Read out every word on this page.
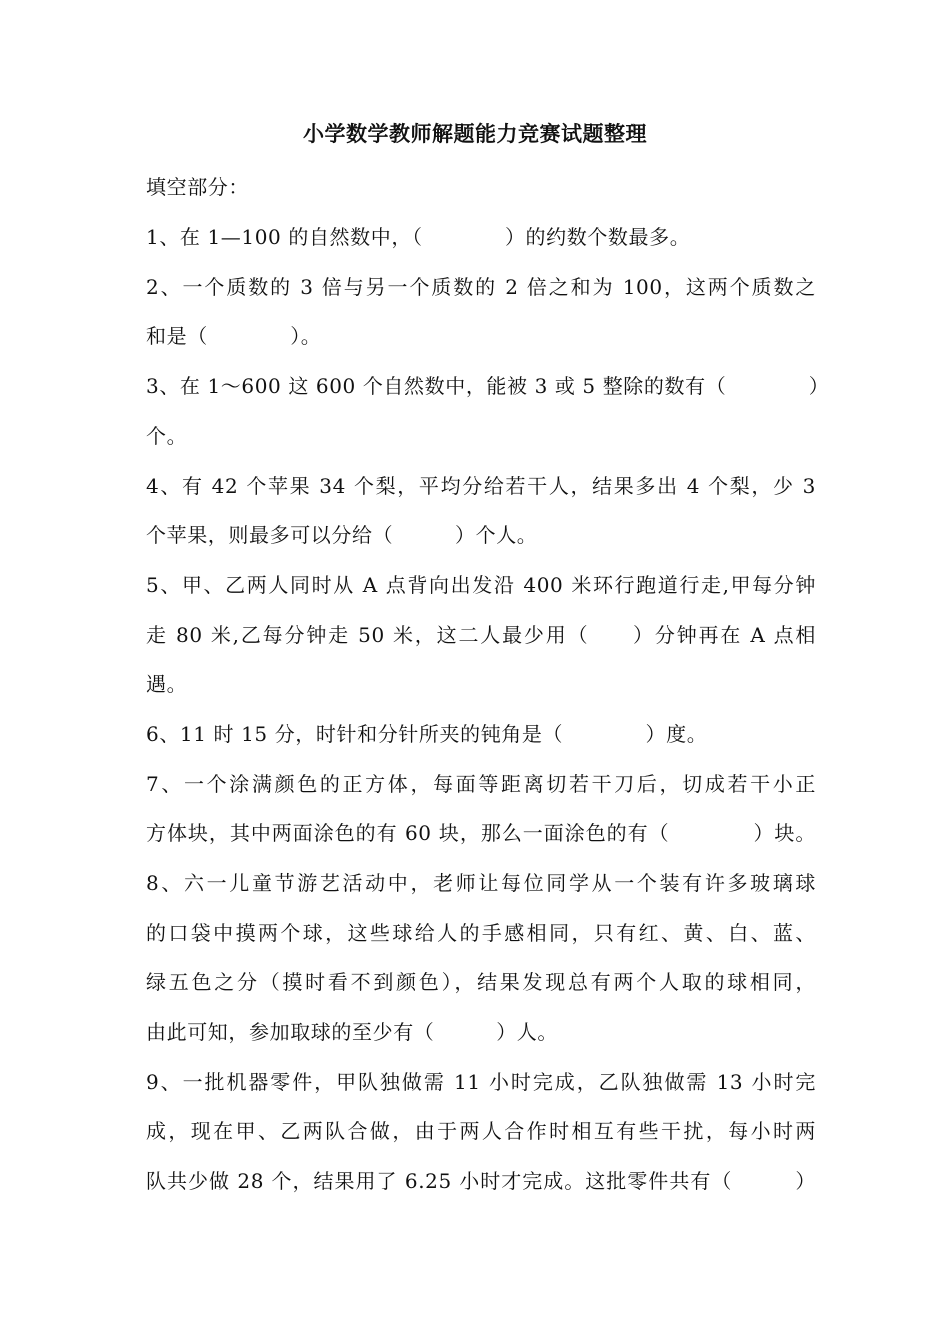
小学数学教师解题能力竞赛试题整理
填空部分：
1、在 1—100 的自然数中，（　　　　）的约数个数最多。
2、一个质数的 3 倍与另一个质数的 2 倍之和为 100，这两个质数之
和是（　　　　）。
3、在 1～600 这 600 个自然数中，能被 3 或 5 整除的数有（　　　　）
个。
4、有 42 个苹果 34 个梨，平均分给若干人，结果多出 4 个梨，少 3
个苹果，则最多可以分给（　　　）个人。
5、甲、乙两人同时从 A 点背向出发沿 400 米环行跑道行走,甲每分钟
走 80 米,乙每分钟走 50 米，这二人最少用（　　）分钟再在 A 点相
遇。
6、11 时 15 分，时针和分针所夹的钝角是（　　　　）度。
7、一个涂满颜色的正方体，每面等距离切若干刀后，切成若干小正
方体块，其中两面涂色的有 60 块，那么一面涂色的有（　　　　）块。
8、六一儿童节游艺活动中，老师让每位同学从一个装有许多玻璃球
的口袋中摸两个球，这些球给人的手感相同，只有红、黄、白、蓝、
绿五色之分（摸时看不到颜色），结果发现总有两个人取的球相同，
由此可知，参加取球的至少有（　　　）人。
9、一批机器零件，甲队独做需 11 小时完成，乙队独做需 13 小时完
成，现在甲、乙两队合做，由于两人合作时相互有些干扰，每小时两
队共少做 28 个，结果用了 6.25 小时才完成。这批零件共有（　　　）
